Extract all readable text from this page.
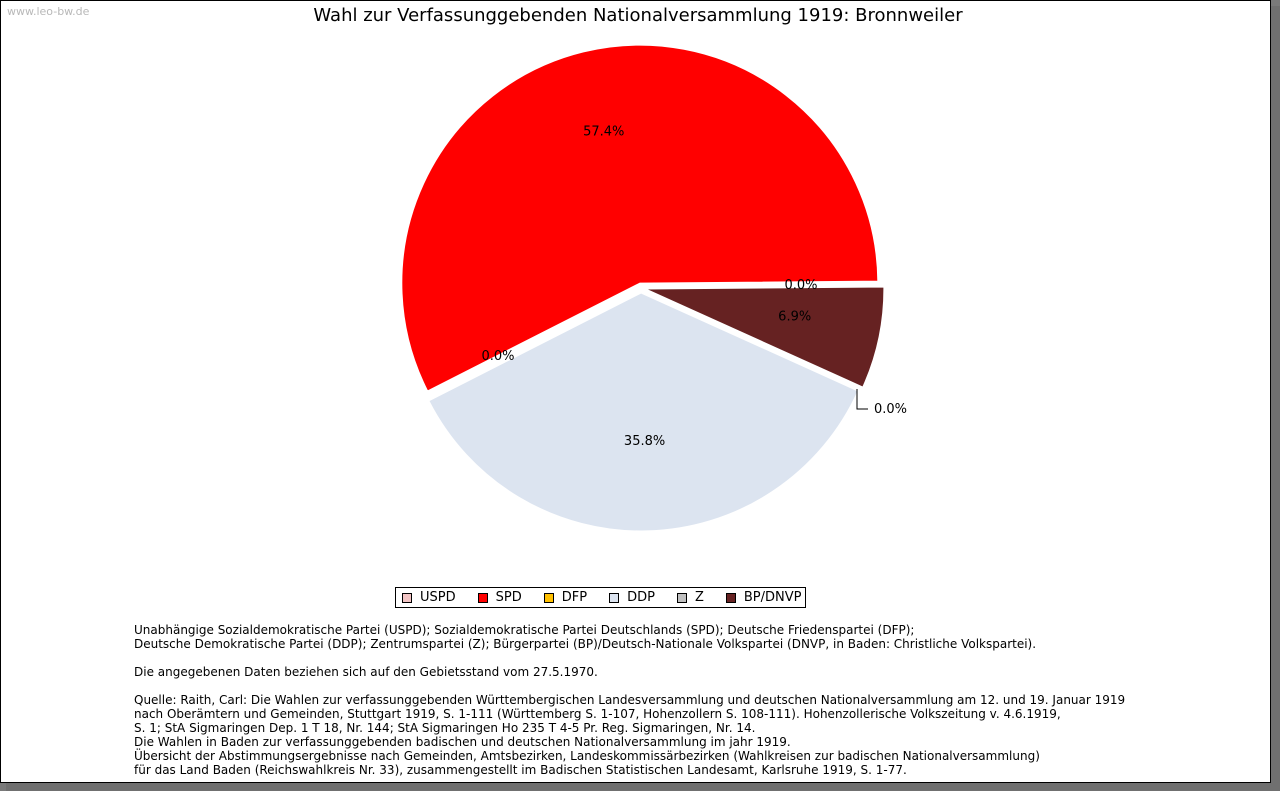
www.leo-bw.de	Wahl zur Verfassunggebenden Nationalversammlung 1919: Bronnweiler
0.0%
57.4%
0.0%
35.8%
0.0%
6.9%
USPD	SPD	DFP	DDP	Z	BP/DNVP

Unabhängige Sozialdemokratische Partei (USPD); Sozialdemokratische Partei Deutschlands (SPD); Deutsche Friedenspartei (DFP);

Deutsche Demokratische Partei (DDP); Zentrumspartei (Z); Bürgerpartei (BP)/Deutsch-Nationale Volkspartei (DNVP, in Baden: Christliche Volkspartei).

Die angegebenen Daten beziehen sich auf den Gebietsstand vom 27.5.1970.

Quelle: Raith, Carl: Die Wahlen zur verfassunggebenden Württembergischen Landesversammlung und deutschen Nationalversammlung am 12. und 19. Januar 1919

nach Oberämtern und Gemeinden, Stuttgart 1919, S. 1-111 (Württemberg S. 1-107, Hohenzollern S. 108-111). Hohenzollerische Volkszeitung v. 4.6.1919,

S. 1; StA Sigmaringen Dep. 1 T 18, Nr. 144; StA Sigmaringen Ho 235 T 4-5 Pr. Reg. Sigmaringen, Nr. 14.

Die Wahlen in Baden zur verfassunggebenden badischen und deutschen Nationalversammlung im jahr 1919.

Übersicht der Abstimmungsergebnisse nach Gemeinden, Amtsbezirken, Landeskommissärbezirken (Wahlkreisen zur badischen Nationalversammlung)

für das Land Baden (Reichswahlkreis Nr. 33), zusammengestellt im Badischen Statistischen Landesamt, Karlsruhe 1919, S. 1-77.
